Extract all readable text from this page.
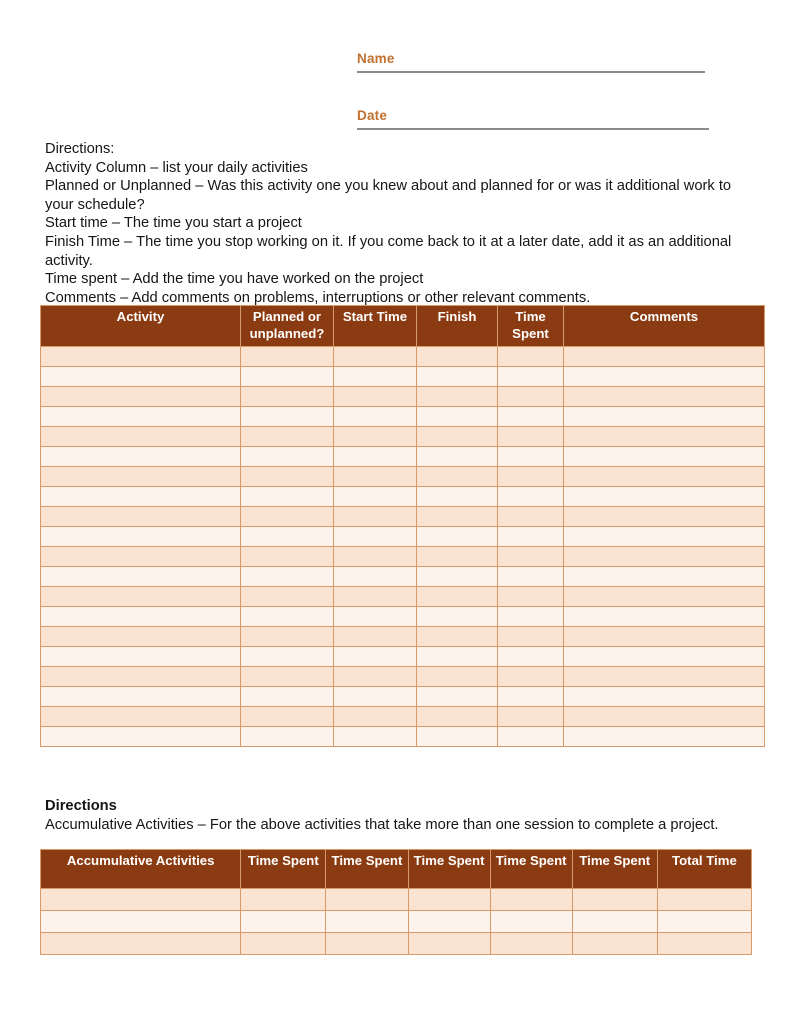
Name
Date
Directions:
Activity Column – list your daily activities
Planned or Unplanned – Was this activity one you knew about and planned for or was it additional work to your schedule?
Start time – The time you start a project
Finish Time – The time you stop working on it. If you come back to it at a later date, add it as an additional activity.
Time spent – Add the time you have worked on the project
Comments – Add comments on problems, interruptions or other relevant comments.
Activity	Planned or unplanned?	Start Time	Finish	Time Spent	Comments

Directions
Accumulative Activities – For the above activities that take more than one session to complete a project.
Accumulative Activities	Time Spent	Time Spent	Time Spent	Time Spent	Time Spent	Total Time
